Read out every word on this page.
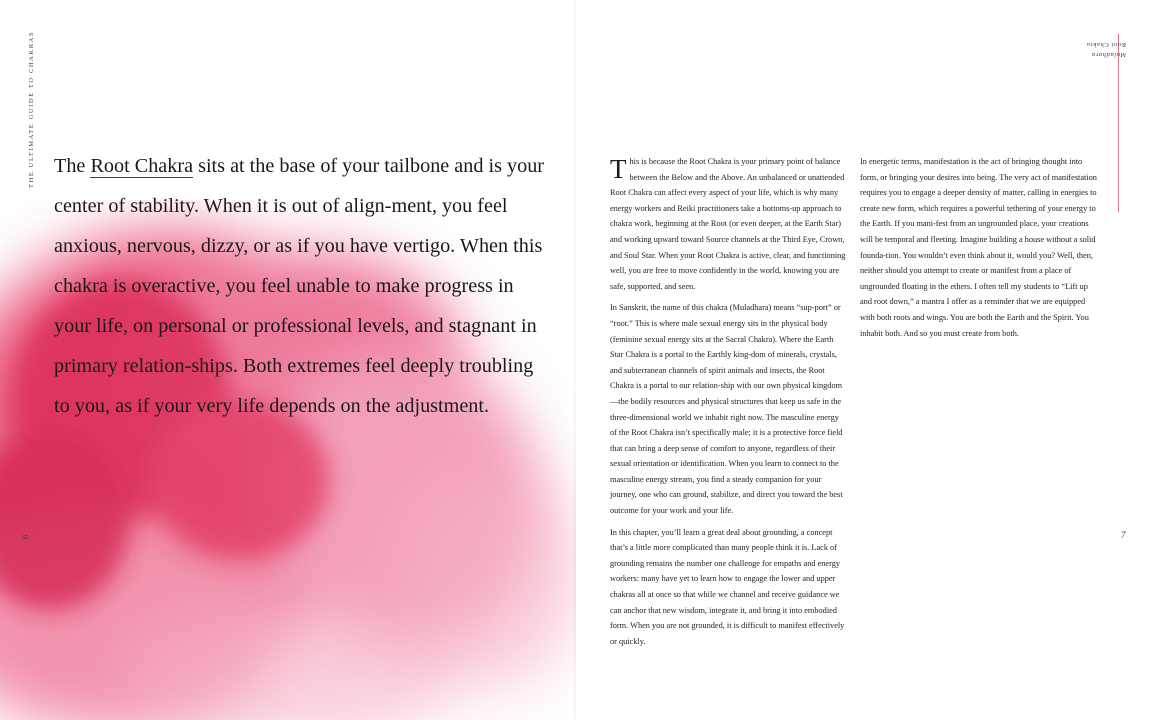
THE ULTIMATE GUIDE TO CHAKRAS The Root Chakra sits at the base of your tailbone and is your center of stability. When it is out of align-ment, you feel anxious, nervous, dizzy, or as if you have vertigo. When this chakra is overactive, you feel unable to make progress in your life, on personal or professional levels, and stagnant in primary relation-ships. Both extremes feel deeply troubling to you, as if your very life depends on the adjustment.

6

This is because the Root Chakra is your primary point of balance between the Below and the Above. An unbalanced or unattended Root Chakra can affect every aspect of your life, which is why many energy workers and Reiki practitioners take a bottoms-up approach to chakra work, beginning at the Root (or even deeper, at the Earth Star) and working upward toward Source channels at the Third Eye, Crown, and Soul Star. When your Root Chakra is active, clear, and functioning well, you are free to move confidently in the world, knowing you are safe, supported, and seen.

In Sanskrit, the name of this chakra (Muladhara) means “sup-port” or “root.” This is where male sexual energy sits in the physical body (feminine sexual energy sits at the Sacral Chakra). Where the Earth Star Chakra is a portal to the Earthly king-dom of minerals, crystals, and subterranean channels of spirit animals and insects, the Root Chakra is a portal to our relation-ship with our own physical kingdom—the bodily resources and physical structures that keep us safe in the three-dimensional world we inhabit right now. The masculine energy of the Root Chakra isn’t specifically male; it is a protective force field that can bring a deep sense of comfort to anyone, regardless of their sexual orientation or identification. When you learn to connect to the masculine energy stream, you find a steady companion for your journey, one who can ground, stabilize, and direct you toward the best outcome for your work and your life.

In this chapter, you’ll learn a great deal about grounding, a concept that’s a little more complicated than many people think it is. Lack of grounding remains the number one challenge for empaths and energy workers: many have yet to learn how to engage the lower and upper chakras all at once so that while we channel and receive guidance we can anchor that new wisdom, integrate it, and bring it into embodied form. When you are not grounded, it is difficult to manifest effectively or quickly.

In energetic terms, manifestation is the act of bringing thought into form, or bringing your desires into being. The very act of manifestation requires you to engage a deeper density of matter, calling in energies to create new form, which requires a powerful tethering of your energy to the Earth. If you mani-fest from an ungrounded place, your creations will be temporal and fleeting. Imagine building a house without a solid founda-tion. You wouldn’t even think about it, would you? Well, then, neither should you attempt to create or manifest from a place of ungrounded floating in the ethers. I often tell my students to “Lift up and root down,” a mantra I offer as a reminder that we are equipped with both roots and wings. You are both the Earth and the Spirit. You inhabit both. And so you must create from both.

Root Chakra
Muladhara
7
